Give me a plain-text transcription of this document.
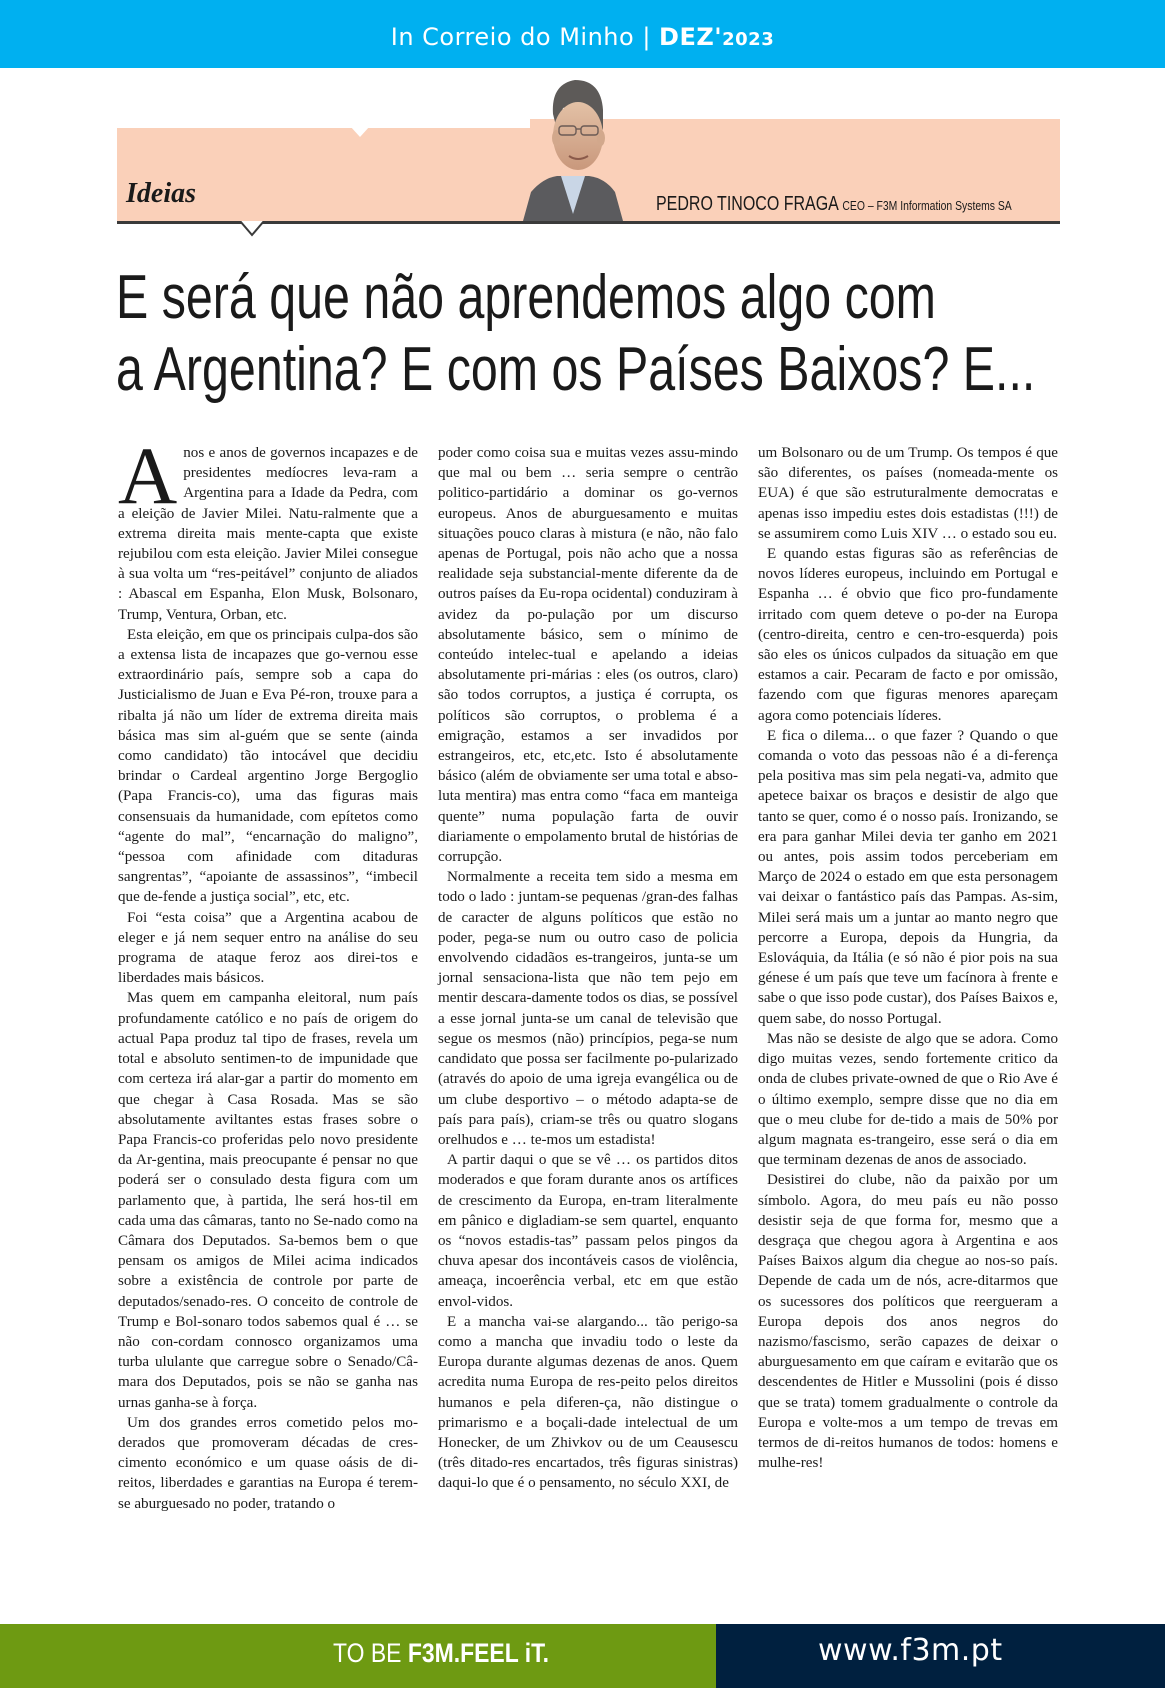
In Correio do Minho | DEZ'2023
Ideias	PEDRO TINOCO FRAGA CEO – F3M Information Systems SA
E será que não aprendemos algo com
a Argentina? E com os Países Baixos? E...

Anos e anos de governos incapazes e de presidentes medíocres leva-ram a Argentina para a Idade da Pedra, com a eleição de Javier Milei. Natu-ralmente que a extrema direita mais mente-capta que existe rejubilou com esta eleição. Javier Milei consegue à sua volta um “res-peitável” conjunto de aliados : Abascal em Espanha, Elon Musk, Bolsonaro, Trump, Ventura, Orban, etc.

Esta eleição, em que os principais culpa-dos são a extensa lista de incapazes que go-vernou esse extraordinário país, sempre sob a capa do Justicialismo de Juan e Eva Pé-ron, trouxe para a ribalta já não um líder de extrema direita mais básica mas sim al-guém que se sente (ainda como candidato) tão intocável que decidiu brindar o Cardeal argentino Jorge Bergoglio (Papa Francis-co), uma das figuras mais consensuais da humanidade, com epítetos como “agente do mal”, “encarnação do maligno”, “pessoa com afinidade com ditaduras sangrentas”, “apoiante de assassinos”, “imbecil que de-fende a justiça social”, etc, etc.

Foi “esta coisa” que a Argentina acabou de eleger e já nem sequer entro na análise do seu programa de ataque feroz aos direi-tos e liberdades mais básicos.

Mas quem em campanha eleitoral, num país profundamente católico e no país de origem do actual Papa produz tal tipo de frases, revela um total e absoluto sentimen-to de impunidade que com certeza irá alar-gar a partir do momento em que chegar à Casa Rosada. Mas se são absolutamente aviltantes estas frases sobre o Papa Francis-co proferidas pelo novo presidente da Ar-gentina, mais preocupante é pensar no que poderá ser o consulado desta figura com um parlamento que, à partida, lhe será hos-til em cada uma das câmaras, tanto no Se-nado como na Câmara dos Deputados. Sa-bemos bem o que pensam os amigos de Milei acima indicados sobre a existência de controle por parte de deputados/senado-res. O conceito de controle de Trump e Bol-sonaro todos sabemos qual é … se não con-cordam connosco organizamos uma turba ululante que carregue sobre o Senado/Câ-mara dos Deputados, pois se não se ganha nas urnas ganha-se à força.

Um dos grandes erros cometido pelos mo-derados que promoveram décadas de cres-cimento económico e um quase oásis de di-reitos, liberdades e garantias na Europa é terem-se aburguesado no poder, tratando o

poder como coisa sua e muitas vezes assu-mindo que mal ou bem … seria sempre o centrão politico-partidário a dominar os go-vernos europeus. Anos de aburguesamento e muitas situações pouco claras à mistura (e não, não falo apenas de Portugal, pois não acho que a nossa realidade seja substancial-mente diferente da de outros países da Eu-ropa ocidental) conduziram à avidez da po-pulação por um discurso absolutamente básico, sem o mínimo de conteúdo intelec-tual e apelando a ideias absolutamente pri-márias : eles (os outros, claro) são todos corruptos, a justiça é corrupta, os políticos são corruptos, o problema é a emigração, estamos a ser invadidos por estrangeiros, etc, etc,etc. Isto é absolutamente básico (além de obviamente ser uma total e abso-luta mentira) mas entra como “faca em manteiga quente” numa população farta de ouvir diariamente o empolamento brutal de histórias de corrupção.

Normalmente a receita tem sido a mesma em todo o lado : juntam-se pequenas /gran-des falhas de caracter de alguns políticos que estão no poder, pega-se num ou outro caso de policia envolvendo cidadãos es-trangeiros, junta-se um jornal sensaciona-lista que não tem pejo em mentir descara-damente todos os dias, se possível a esse jornal junta-se um canal de televisão que segue os mesmos (não) princípios, pega-se num candidato que possa ser facilmente po-pularizado (através do apoio de uma igreja evangélica ou de um clube desportivo – o método adapta-se de país para país), criam-se três ou quatro slogans orelhudos e … te-mos um estadista!

A partir daqui o que se vê … os partidos ditos moderados e que foram durante anos os artífices de crescimento da Europa, en-tram literalmente em pânico e digladiam-se sem quartel, enquanto os “novos estadis-tas” passam pelos pingos da chuva apesar dos incontáveis casos de violência, ameaça, incoerência verbal, etc em que estão envol-vidos.

E a mancha vai-se alargando... tão perigo-sa como a mancha que invadiu todo o leste da Europa durante algumas dezenas de anos. Quem acredita numa Europa de res-peito pelos direitos humanos e pela diferen-ça, não distingue o primarismo e a boçali-dade intelectual de um Honecker, de um Zhivkov ou de um Ceausescu (três ditado-res encartados, três figuras sinistras) daqui-lo que é o pensamento, no século XXI, de

um Bolsonaro ou de um Trump. Os tempos é que são diferentes, os países (nomeada-mente os EUA) é que são estruturalmente democratas e apenas isso impediu estes dois estadistas (!!!) de se assumirem como Luis XIV … o estado sou eu.

E quando estas figuras são as referências de novos líderes europeus, incluindo em Portugal e Espanha … é obvio que fico pro-fundamente irritado com quem deteve o po-der na Europa (centro-direita, centro e cen-tro-esquerda) pois são eles os únicos culpados da situação em que estamos a cair. Pecaram de facto e por omissão, fazendo com que figuras menores apareçam agora como potenciais líderes.

E fica o dilema... o que fazer ? Quando o que comanda o voto das pessoas não é a di-ferença pela positiva mas sim pela negati-va, admito que apetece baixar os braços e desistir de algo que tanto se quer, como é o nosso país. Ironizando, se era para ganhar Milei devia ter ganho em 2021 ou antes, pois assim todos perceberiam em Março de 2024 o estado em que esta personagem vai deixar o fantástico país das Pampas. As-sim, Milei será mais um a juntar ao manto negro que percorre a Europa, depois da Hungria, da Eslováquia, da Itália (e só não é pior pois na sua génese é um país que teve um facínora à frente e sabe o que isso pode custar), dos Países Baixos e, quem sabe, do nosso Portugal.

Mas não se desiste de algo que se adora. Como digo muitas vezes, sendo fortemente critico da onda de clubes private-owned de que o Rio Ave é o último exemplo, sempre disse que no dia em que o meu clube for de-tido a mais de 50% por algum magnata es-trangeiro, esse será o dia em que terminam dezenas de anos de associado.

Desistirei do clube, não da paixão por um símbolo. Agora, do meu país eu não posso desistir seja de que forma for, mesmo que a desgraça que chegou agora à Argentina e aos Países Baixos algum dia chegue ao nos-so país. Depende de cada um de nós, acre-ditarmos que os sucessores dos políticos que reergueram a Europa depois dos anos negros do nazismo/fascismo, serão capazes de deixar o aburguesamento em que caíram e evitarão que os descendentes de Hitler e Mussolini (pois é disso que se trata) tomem gradualmente o controle da Europa e volte-mos a um tempo de trevas em termos de di-reitos humanos de todos: homens e mulhe-res!

TO BE F3M.FEEL iT.	www.f3m.pt
